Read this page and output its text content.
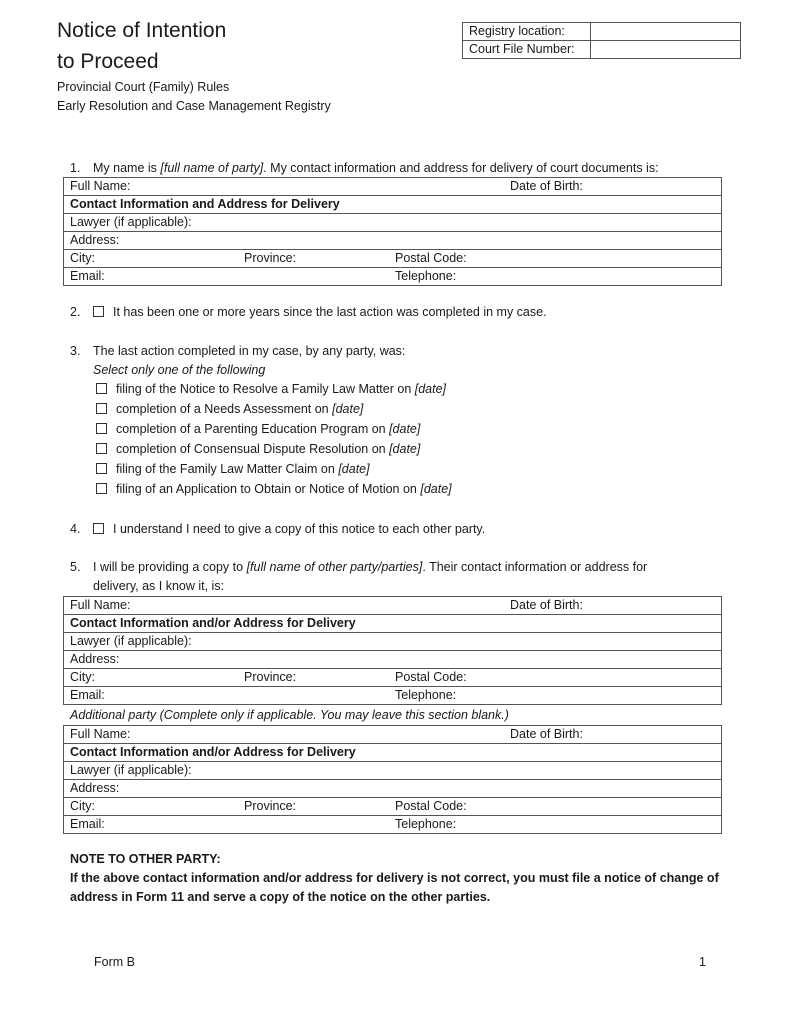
Notice of Intention
to Proceed
Provincial Court (Family) Rules
Early Resolution and Case Management Registry
Registry location:	
Court File Number:	
1. My name is [full name of party]. My contact information and address for delivery of court documents is:
Full Name:	Date of Birth:

Contact Information and Address for Delivery
Lawyer (if applicable):
Address:
City:	Province:	Postal Code:

Email:	Telephone:
2.	It has been one or more years since the last action was completed in my case.
3. The last action completed in my case, by any party, was:
Select only one of the following
filing of the Notice to Resolve a Family Law Matter on [date]
completion of a Needs Assessment on [date]
completion of a Parenting Education Program on [date]
completion of Consensual Dispute Resolution on [date]
filing of the Family Law Matter Claim on [date]
filing of an Application to Obtain or Notice of Motion on [date]
4.	I understand I need to give a copy of this notice to each other party.
5. I will be providing a copy to [full name of other party/parties]. Their contact information or address for
delivery, as I know it, is:
Full Name:	Date of Birth:

Contact Information and/or Address for Delivery
Lawyer (if applicable):
Address:
City:	Province:	Postal Code:

Email:	Telephone:
Additional party (Complete only if applicable. You may leave this section blank.)
Full Name:	Date of Birth:

Contact Information and/or Address for Delivery
Lawyer (if applicable):
Address:
City:	Province:	Postal Code:

Email:	Telephone:
NOTE TO OTHER PARTY:
If the above contact information and/or address for delivery is not correct, you must file a notice of change of address in Form 11 and serve a copy of the notice on the other parties.
Form B	1
